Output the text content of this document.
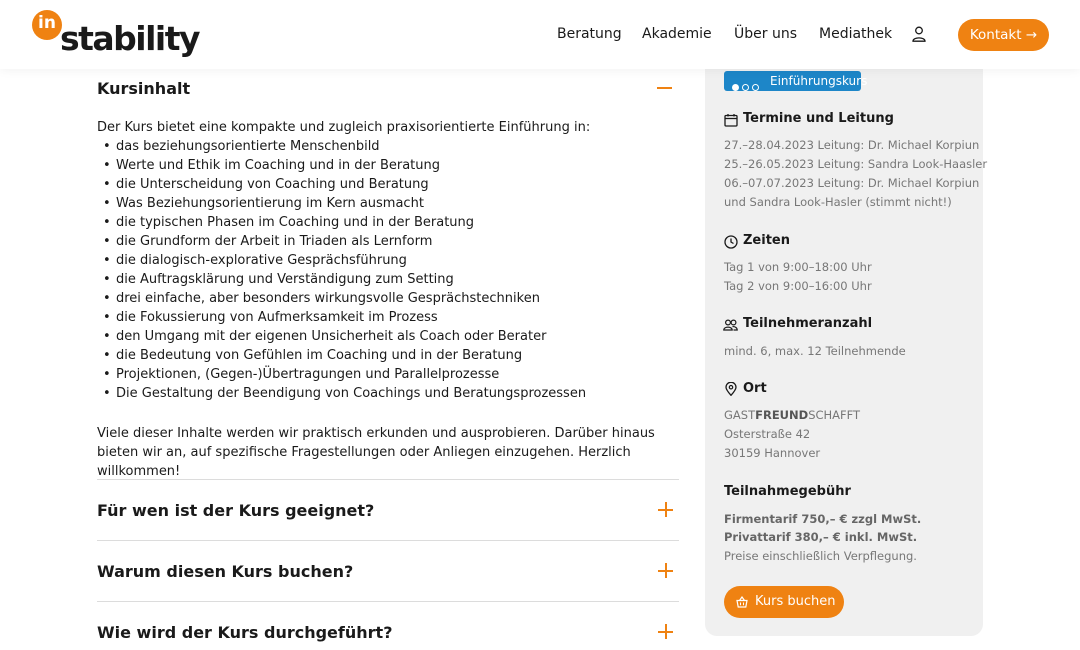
in stability	Beratung Akademie Über uns Mediathek	Kontakt →
Kursinhalt
Der Kurs bietet eine kompakte und zugleich praxisorientierte Einführung in:
• das beziehungsorientierte Menschenbild
• Werte und Ethik im Coaching und in der Beratung
• die Unterscheidung von Coaching und Beratung
• Was Beziehungsorientierung im Kern ausmacht
• die typischen Phasen im Coaching und in der Beratung
• die Grundform der Arbeit in Triaden als Lernform
• die dialogisch-explorative Gesprächsführung
• die Auftragsklärung und Verständigung zum Setting
• drei einfache, aber besonders wirkungsvolle Gesprächstechniken
• die Fokussierung von Aufmerksamkeit im Prozess
• den Umgang mit der eigenen Unsicherheit als Coach oder Berater
• die Bedeutung von Gefühlen im Coaching und in der Beratung
• Projektionen, (Gegen-)Übertragungen und Parallelprozesse
• Die Gestaltung der Beendigung von Coachings und Beratungsprozessen
Viele dieser Inhalte werden wir praktisch erkunden und ausprobieren. Darüber hinaus bieten wir an, auf spezifische Fragestellungen oder Anliegen einzugehen. Herzlich willkommen!
Für wen ist der Kurs geeignet?
Warum diesen Kurs buchen?
Wie wird der Kurs durchgeführt?
Einführungskurs
Termine und Leitung
27.–28.04.2023 Leitung: Dr. Michael Korpiun
25.–26.05.2023 Leitung: Sandra Look-Haasler
06.–07.07.2023 Leitung: Dr. Michael Korpiun
und Sandra Look-Hasler (stimmt nicht!)
Zeiten
Tag 1 von 9:00–18:00 Uhr
Tag 2 von 9:00–16:00 Uhr
Teilnehmeranzahl
mind. 6, max. 12 Teilnehmende
Ort
GASTFREUNDSCHAFFT
Osterstraße 42
30159 Hannover
Teilnahmegebühr
Firmentarif 750,– € zzgl MwSt.
Privattarif 380,– € inkl. MwSt.
Preise einschließlich Verpflegung.
Kurs buchen
